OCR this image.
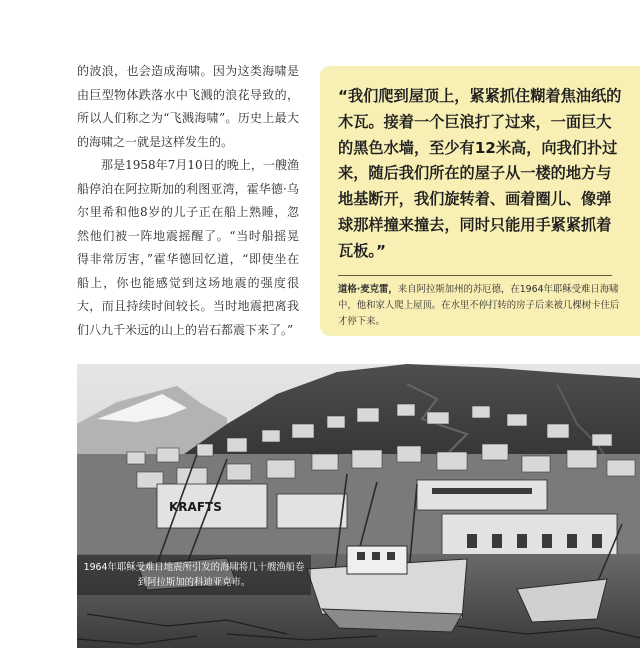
的波浪，也会造成海啸。因为这类海啸是由巨型物体跌落水中飞溅的浪花导致的，所以人们称之为“飞溅海啸”。历史上最大的海啸之一就是这样发生的。

那是1958年7月10日的晚上，一艘渔船停泊在阿拉斯加的利图亚湾，霍华德·乌尔里希和他8岁的儿子正在船上熟睡，忽然他们被一阵地震摇醒了。“当时船摇晃得非常厉害，”霍华德回忆道，“即使坐在船上，你也能感觉到这场地震的强度很大，而且持续时间较长。当时地震把离我们八九千米远的山上的岩石都震下来了。”

“我们爬到屋顶上，紧紧抓住糊着焦油纸的木瓦。接着一个巨浪打了过来，一面巨大的黑色水墙，至少有12米高，向我们扑过来，随后我们所在的屋子从一楼的地方与地基断开，我们旋转着、画着圈儿、像弹球那样撞来撞去，同时只能用手紧紧抓着瓦板。”

道格·麦克雷，来自阿拉斯加州的苏厄德，在1964年耶稣受难日海啸中，他和家人爬上屋顶。在水里不停打转的房子后来被几棵树卡住后才停下来。

KRAFTS
1964年耶稣受难日地震所引发的海啸将几十艘渔船卷到阿拉斯加的科迪亚克市。
